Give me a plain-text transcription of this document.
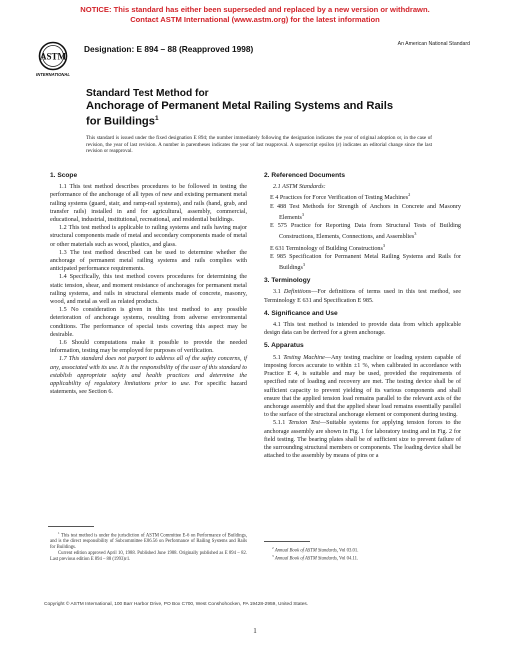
NOTICE: This standard has either been superseded and replaced by a new version or withdrawn.
Contact ASTM International (www.astm.org) for the latest information
ASTM
INTERNATIONAL
Designation: E 894 – 88 (Reapproved 1998)	An American National Standard
Standard Test Method for
Anchorage of Permanent Metal Railing Systems and Rails
for Buildings$^1$
This standard is issued under the fixed designation E 894; the number immediately following the designation indicates the year of original adoption or, in the case of revision, the year of last revision. A number in parentheses indicates the year of last reapproval. A superscript epsilon (ε) indicates an editorial change since the last revision or reapproval.
1. Scope

1.1 This test method describes procedures to be followed in testing the performance of the anchorage of all types of new and existing permanent metal railing systems (guard, stair, and ramp-rail systems), and rails (hand, grab, and transfer rails) installed in and for agricultural, assembly, commercial, educational, industrial, institutional, recreational, and residential buildings.

1.2 This test method is applicable to railing systems and rails having major structural components made of metal and secondary components made of metal or other materials such as wood, plastics, and glass.

1.3 The test method described can be used to determine whether the anchorage of permanent metal railing systems and rails complies with anticipated performance requirements.

1.4 Specifically, this test method covers procedures for determining the static tension, shear, and moment resistance of anchorages for permanent metal railing systems, and rails in structural elements made of concrete, masonry, wood, and metal as well as related products.

1.5 No consideration is given in this test method to any possible deterioration of anchorage systems, resulting from adverse environmental conditions. The performance of special tests covering this aspect may be desirable.

1.6 Should computations make it possible to provide the needed information, testing may be employed for purposes of verification.

1.7 This standard does not purport to address all of the safety concerns, if any, associated with its use. It is the responsibility of the user of this standard to establish appropriate safety and health practices and determine the applicability of regulatory limitations prior to use. For specific hazard statements, see Section 6.

$^1$ This test method is under the jurisdiction of ASTM Committee E-6 on Performance of Buildings, and is the direct responsibility of Subcommittee E06.56 on Performance of Railing Systems and Rails for Buildings.
Current edition approved April 10, 1988. Published June 1988. Originally published as E 894 – 82. Last previous edition E 894 – 88 (1993)ε1.
2. Referenced Documents

2.1 ASTM Standards:

E 4 Practices for Force Verification of Testing Machines$^2$
E 488 Test Methods for Strength of Anchors in Concrete and Masonry Elements$^3$
E 575 Practice for Reporting Data from Structural Tests of Building Constructions, Elements, Connections, and Assemblies$^3$
E 631 Terminology of Building Constructions$^3$
E 985 Specification for Permanent Metal Railing Systems and Rails for Buildings$^3$
3. Terminology

3.1 Definitions—For definitions of terms used in this test method, see Terminology E 631 and Specification E 985.

4. Significance and Use

4.1 This test method is intended to provide data from which applicable design data can be derived for a given anchorage.

5. Apparatus

5.1 Testing Machine—Any testing machine or loading system capable of imposing forces accurate to within ±1 %, when calibrated in accordance with Practice E 4, is suitable and may be used, provided the requirements of specified rate of loading and recovery are met. The testing device shall be of sufficient capacity to prevent yielding of its various components and shall ensure that the applied tension load remains parallel to the relevant axis of the anchorage assembly and that the applied shear load remains essentially parallel to the surface of the structural anchorage element or component during testing.

5.1.1 Tension Test—Suitable systems for applying tension forces to the anchorage assembly are shown in Fig. 1 for laboratory testing and in Fig. 2 for field testing. The bearing plates shall be of sufficient size to prevent failure of the surrounding structural members or components. The loading device shall be attached to the assembly by means of pins or a

$^2$ Annual Book of ASTM Standards, Vol 03.01.
$^3$ Annual Book of ASTM Standards, Vol 04.11.
Copyright © ASTM International, 100 Barr Harbor Drive, PO Box C700, West Conshohocken, PA 19428-2959, United States.
1
